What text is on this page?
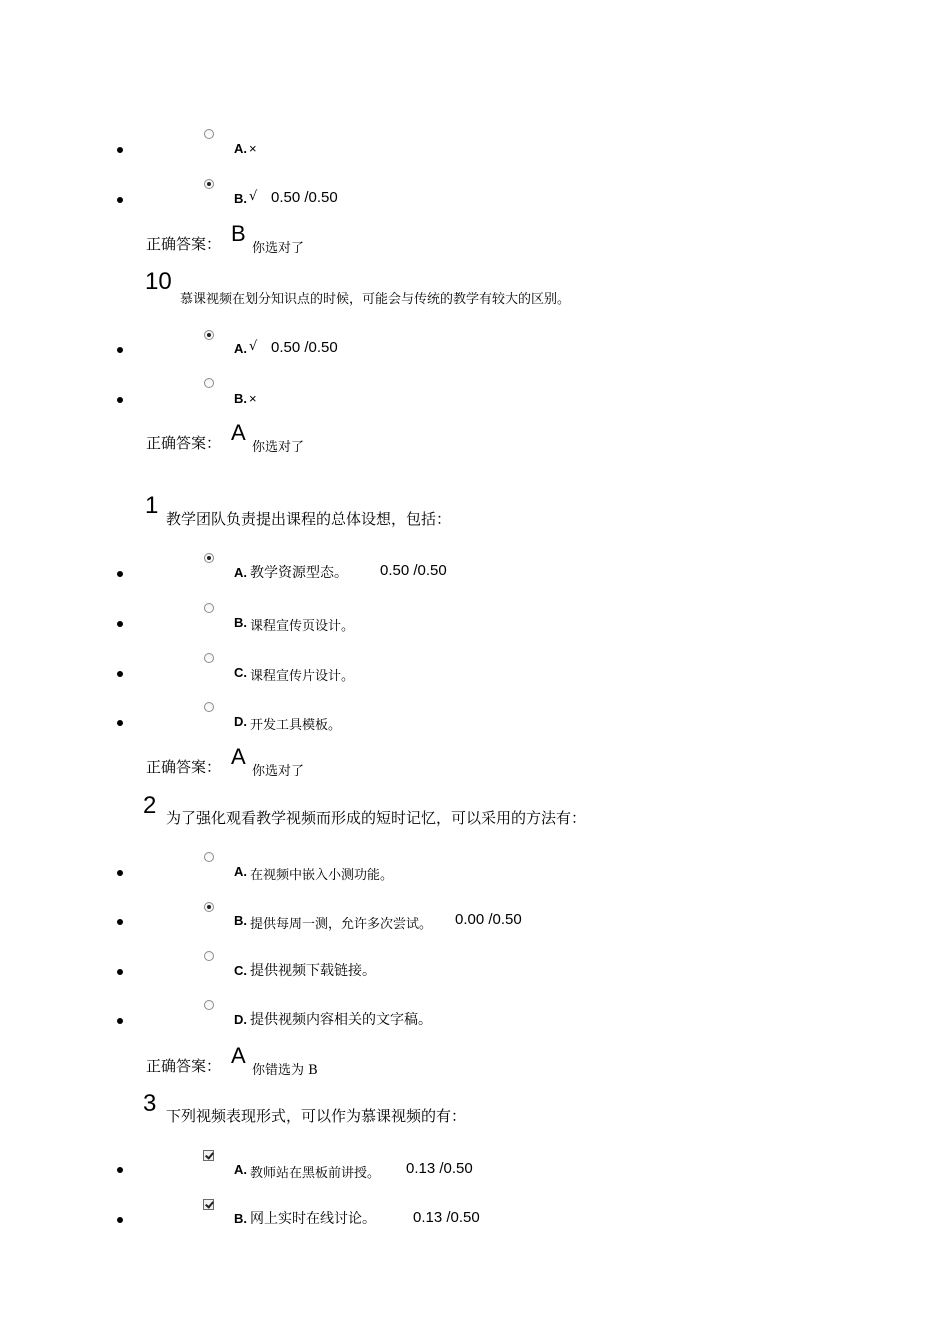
A. ×
B. √ 0.50 /0.50
正确答案： B
你选对了
10
慕课视频在划分知识点的时候，可能会与传统的教学有较大的区别。
A. √ 0.50 /0.50
B. ×
正确答案： A
你选对了
1 教学团队负责提出课程的总体设想，包括：
A. 教学资源型态。 0.50 /0.50
B. 课程宣传页设计。
C. 课程宣传片设计。
D. 开发工具模板。
正确答案： A
你选对了
2 为了强化观看教学视频而形成的短时记忆，可以采用的方法有：
A. 在视频中嵌入小测功能。
B. 提供每周一测，允许多次尝试。 0.00 /0.50
C. 提供视频下载链接。
D. 提供视频内容相关的文字稿。
正确答案： A
你错选为 B
3 下列视频表现形式，可以作为慕课视频的有：
A. 教师站在黑板前讲授。 0.13 /0.50
B. 网上实时在线讨论。 0.13 /0.50
